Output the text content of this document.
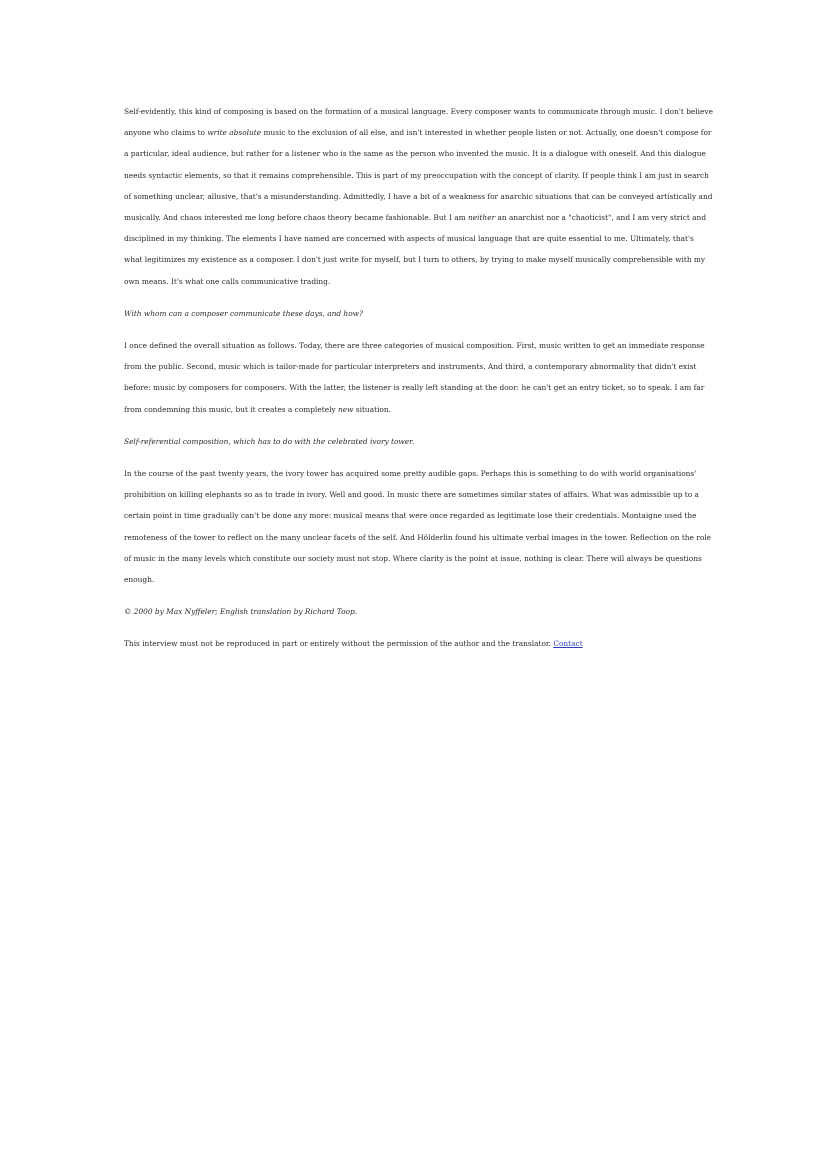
Self-evidently, this kind of composing is based on the formation of a musical language. Every composer wants to communicate through music. I don't believe anyone who claims to write absolute music to the exclusion of all else, and isn't interested in whether people listen or not. Actually, one doesn't compose for a particular, ideal audience, but rather for a listener who is the same as the person who invented the music. It is a dialogue with oneself. And this dialogue needs syntactic elements, so that it remains comprehensible. This is part of my preoccupation with the concept of clarity. If people think I am just in search of something unclear, allusive, that's a misunderstanding. Admittedly, I have a bit of a weakness for anarchic situations that can be conveyed artistically and musically. And chaos interested me long before chaos theory became fashionable. But I am neither an anarchist nor a "chaoticist", and I am very strict and disciplined in my thinking. The elements I have named are concerned with aspects of musical language that are quite essential to me. Ultimately, that's what legitimizes my existence as a composer. I don't just write for myself, but I turn to others, by trying to make myself musically comprehensible with my own means. It's what one calls communicative trading.

With whom can a composer communicate these days, and how?

I once defined the overall situation as follows. Today, there are three categories of musical composition. First, music written to get an immediate response from the public. Second, music which is tailor-made for particular interpreters and instruments. And third, a contemporary abnormality that didn't exist before: music by composers for composers. With the latter, the listener is really left standing at the door: he can't get an entry ticket, so to speak. I am far from condemning this music, but it creates a completely new situation.

Self-referential composition, which has to do with the celebrated ivory tower.

In the course of the past twenty years, the ivory tower has acquired some pretty audible gaps. Perhaps this is something to do with world organisations' prohibition on killing elephants so as to trade in ivory. Well and good. In music there are sometimes similar states of affairs. What was admissible up to a certain point in time gradually can't be done any more: musical means that were once regarded as legitimate lose their credentials. Montaigne used the remoteness of the tower to reflect on the many unclear facets of the self. And Hölderlin found his ultimate verbal images in the tower. Reflection on the role of music in the many levels which constitute our society must not stop. Where clarity is the point at issue, nothing is clear. There will always be questions enough.

© 2000 by Max Nyffeler; English translation by Richard Toop.

This interview must not be reproduced in part or entirely without the permission of the author and the translator. Contact
